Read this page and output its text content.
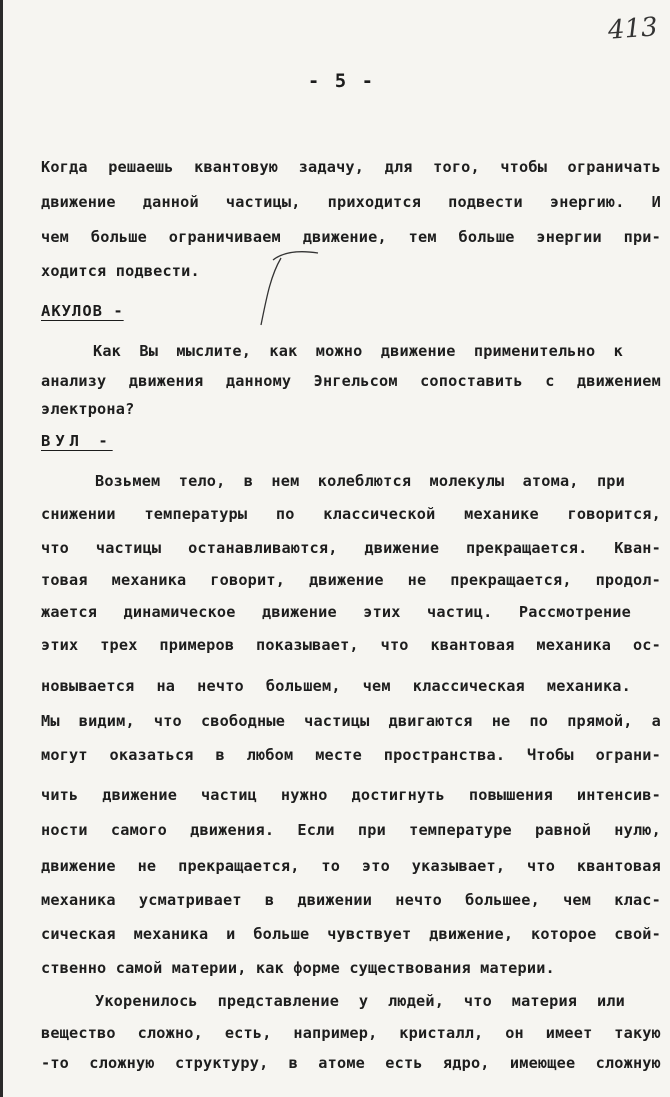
413
- 5 -
Когда решаешь квантовую задачу, для того, чтобы ограничать
движение данной частицы, приходится подвести энергию. И
чем больше ограничиваем движение, тем больше энергии при-
ходится подвести.
АКУЛОВ -
Как Вы мыслите, как можно движение применительно к
анализу движения данному Энгельсом сопоставить с движением
электрона?
ВУЛ -
Возьмем тело, в нем колеблются молекулы атома, при
снижении температуры по классической механике говорится,
что частицы останавливаются, движение прекращается. Кван-
товая механика говорит, движение не прекращается, продол-
жается динамическое движение этих частиц. Рассмотрение
этих трех примеров показывает, что квантовая механика ос-
новывается на нечто большем, чем классическая механика.
Мы видим, что свободные частицы двигаются не по прямой, а
могут оказаться в любом месте пространства. Чтобы ограни-
чить движение частиц нужно достигнуть повышения интенсив-
ности самого движения. Если при температуре равной нулю,
движение не прекращается, то это указывает, что квантовая
механика усматривает в движении нечто большее, чем клас-
сическая механика и больше чувствует движение, которое свой-
ственно самой материи, как форме существования материи.
Укоренилось представление у людей, что материя или
вещество сложно, есть, например, кристалл, он имеет такую
-то сложную структуру, в атоме есть ядро, имеющее сложную
